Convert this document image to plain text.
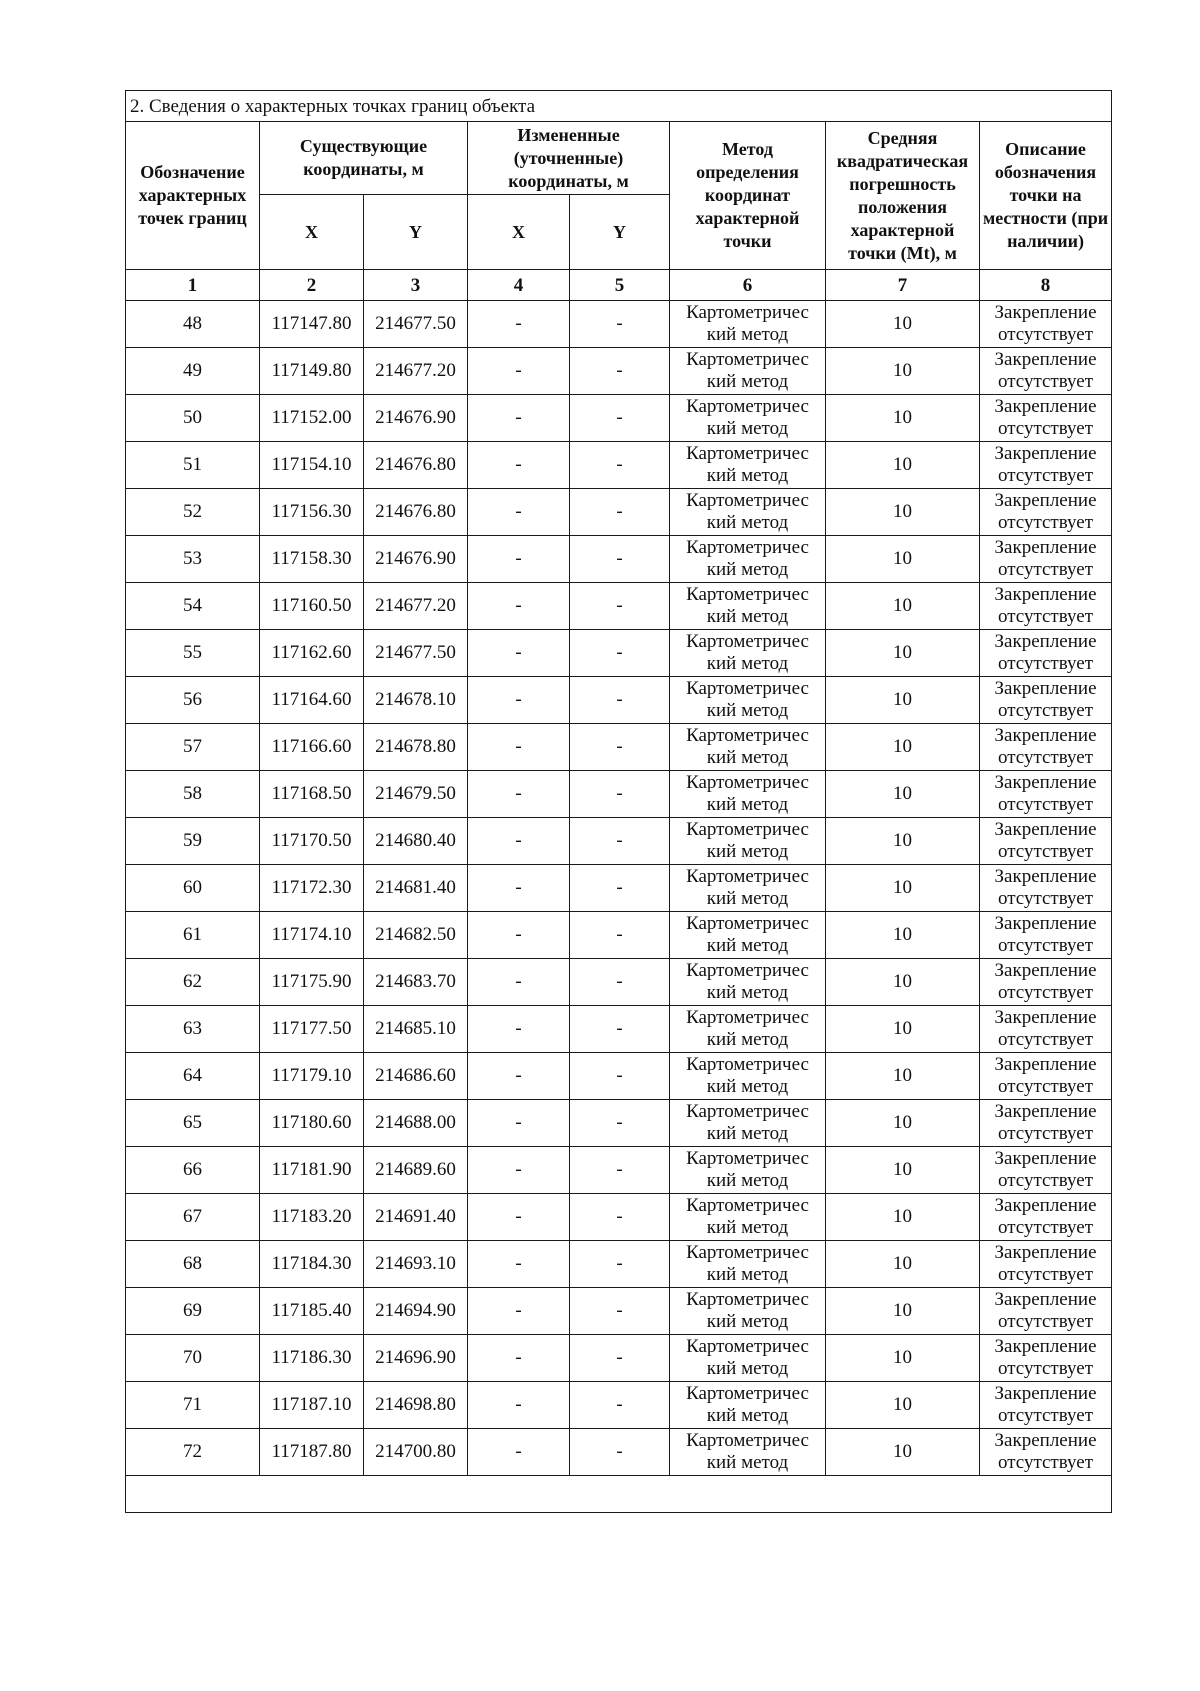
2. Сведения о характерных точках границ объекта							
Обозначение характерных точек границ	Существующие координаты, м		Измененные (уточненные) координаты, м		Метод определения координат характерной точки	Средняя квадратическая погрешность положения характерной точки (Mt), м	Описание обозначения точки на местности (при наличии)
	X	Y	X	Y			
1	2	3	4	5	6	7	8
48	117147.80	214677.50	-	-	Картометричес
кий метод	10	Закрепление
отсутствует

49	117149.80	214677.20	-	-	Картометричес
кий метод	10	Закрепление
отсутствует

50	117152.00	214676.90	-	-	Картометричес
кий метод	10	Закрепление
отсутствует

51	117154.10	214676.80	-	-	Картометричес
кий метод	10	Закрепление
отсутствует

52	117156.30	214676.80	-	-	Картометричес
кий метод	10	Закрепление
отсутствует

53	117158.30	214676.90	-	-	Картометричес
кий метод	10	Закрепление
отсутствует

54	117160.50	214677.20	-	-	Картометричес
кий метод	10	Закрепление
отсутствует

55	117162.60	214677.50	-	-	Картометричес
кий метод	10	Закрепление
отсутствует

56	117164.60	214678.10	-	-	Картометричес
кий метод	10	Закрепление
отсутствует

57	117166.60	214678.80	-	-	Картометричес
кий метод	10	Закрепление
отсутствует

58	117168.50	214679.50	-	-	Картометричес
кий метод	10	Закрепление
отсутствует

59	117170.50	214680.40	-	-	Картометричес
кий метод	10	Закрепление
отсутствует

60	117172.30	214681.40	-	-	Картометричес
кий метод	10	Закрепление
отсутствует

61	117174.10	214682.50	-	-	Картометричес
кий метод	10	Закрепление
отсутствует

62	117175.90	214683.70	-	-	Картометричес
кий метод	10	Закрепление
отсутствует

63	117177.50	214685.10	-	-	Картометричес
кий метод	10	Закрепление
отсутствует

64	117179.10	214686.60	-	-	Картометричес
кий метод	10	Закрепление
отсутствует

65	117180.60	214688.00	-	-	Картометричес
кий метод	10	Закрепление
отсутствует

66	117181.90	214689.60	-	-	Картометричес
кий метод	10	Закрепление
отсутствует

67	117183.20	214691.40	-	-	Картометричес
кий метод	10	Закрепление
отсутствует

68	117184.30	214693.10	-	-	Картометричес
кий метод	10	Закрепление
отсутствует

69	117185.40	214694.90	-	-	Картометричес
кий метод	10	Закрепление
отсутствует

70	117186.30	214696.90	-	-	Картометричес
кий метод	10	Закрепление
отсутствует

71	117187.10	214698.80	-	-	Картометричес
кий метод	10	Закрепление
отсутствует

72	117187.80	214700.80	-	-	Картометричес
кий метод	10	Закрепление
отсутствует
